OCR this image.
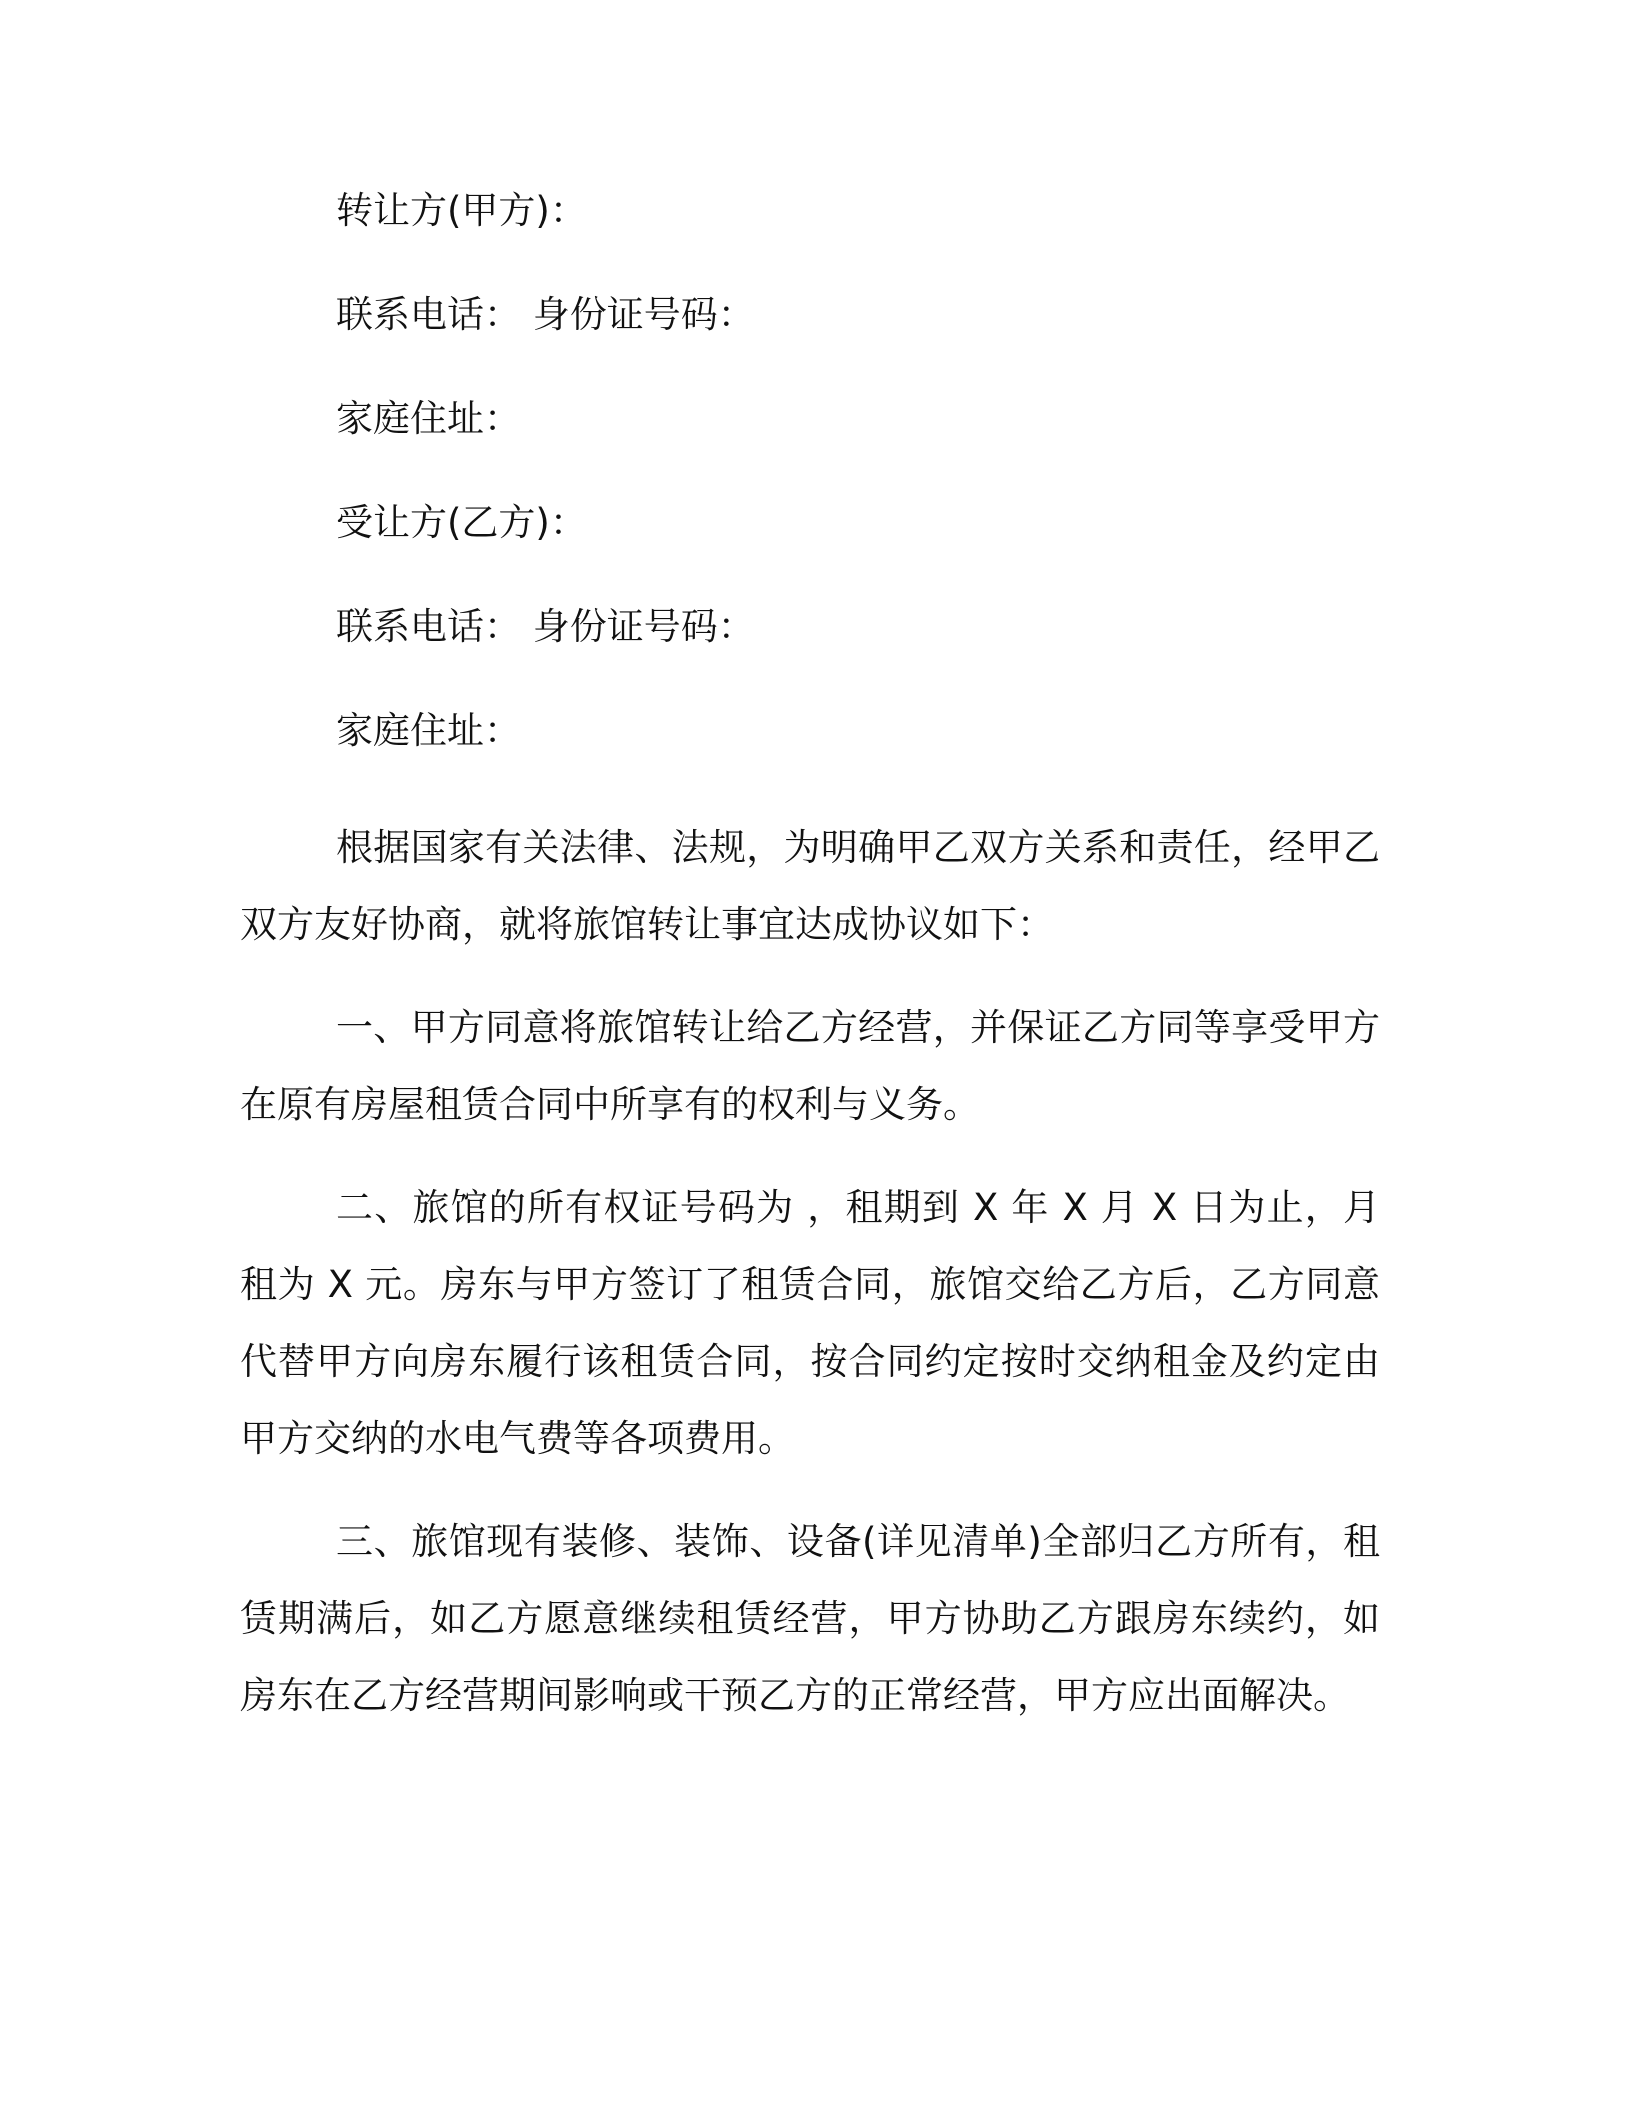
转让方(甲方)：
联系电话： 身份证号码：
家庭住址：
受让方(乙方)：
联系电话： 身份证号码：
家庭住址：

根据国家有关法律、法规，为明确甲乙双方关系和责任，经甲乙双方友好协商，就将旅馆转让事宜达成协议如下：

一、甲方同意将旅馆转让给乙方经营，并保证乙方同等享受甲方在原有房屋租赁合同中所享有的权利与义务。

二、旅馆的所有权证号码为 ，租期到 X 年 X 月 X 日为止，月租为 X 元。房东与甲方签订了租赁合同，旅馆交给乙方后，乙方同意代替甲方向房东履行该租赁合同，按合同约定按时交纳租金及约定由甲方交纳的水电气费等各项费用。

三、旅馆现有装修、装饰、设备(详见清单)全部归乙方所有，租赁期满后，如乙方愿意继续租赁经营，甲方协助乙方跟房东续约，如房东在乙方经营期间影响或干预乙方的正常经营，甲方应出面解决。
